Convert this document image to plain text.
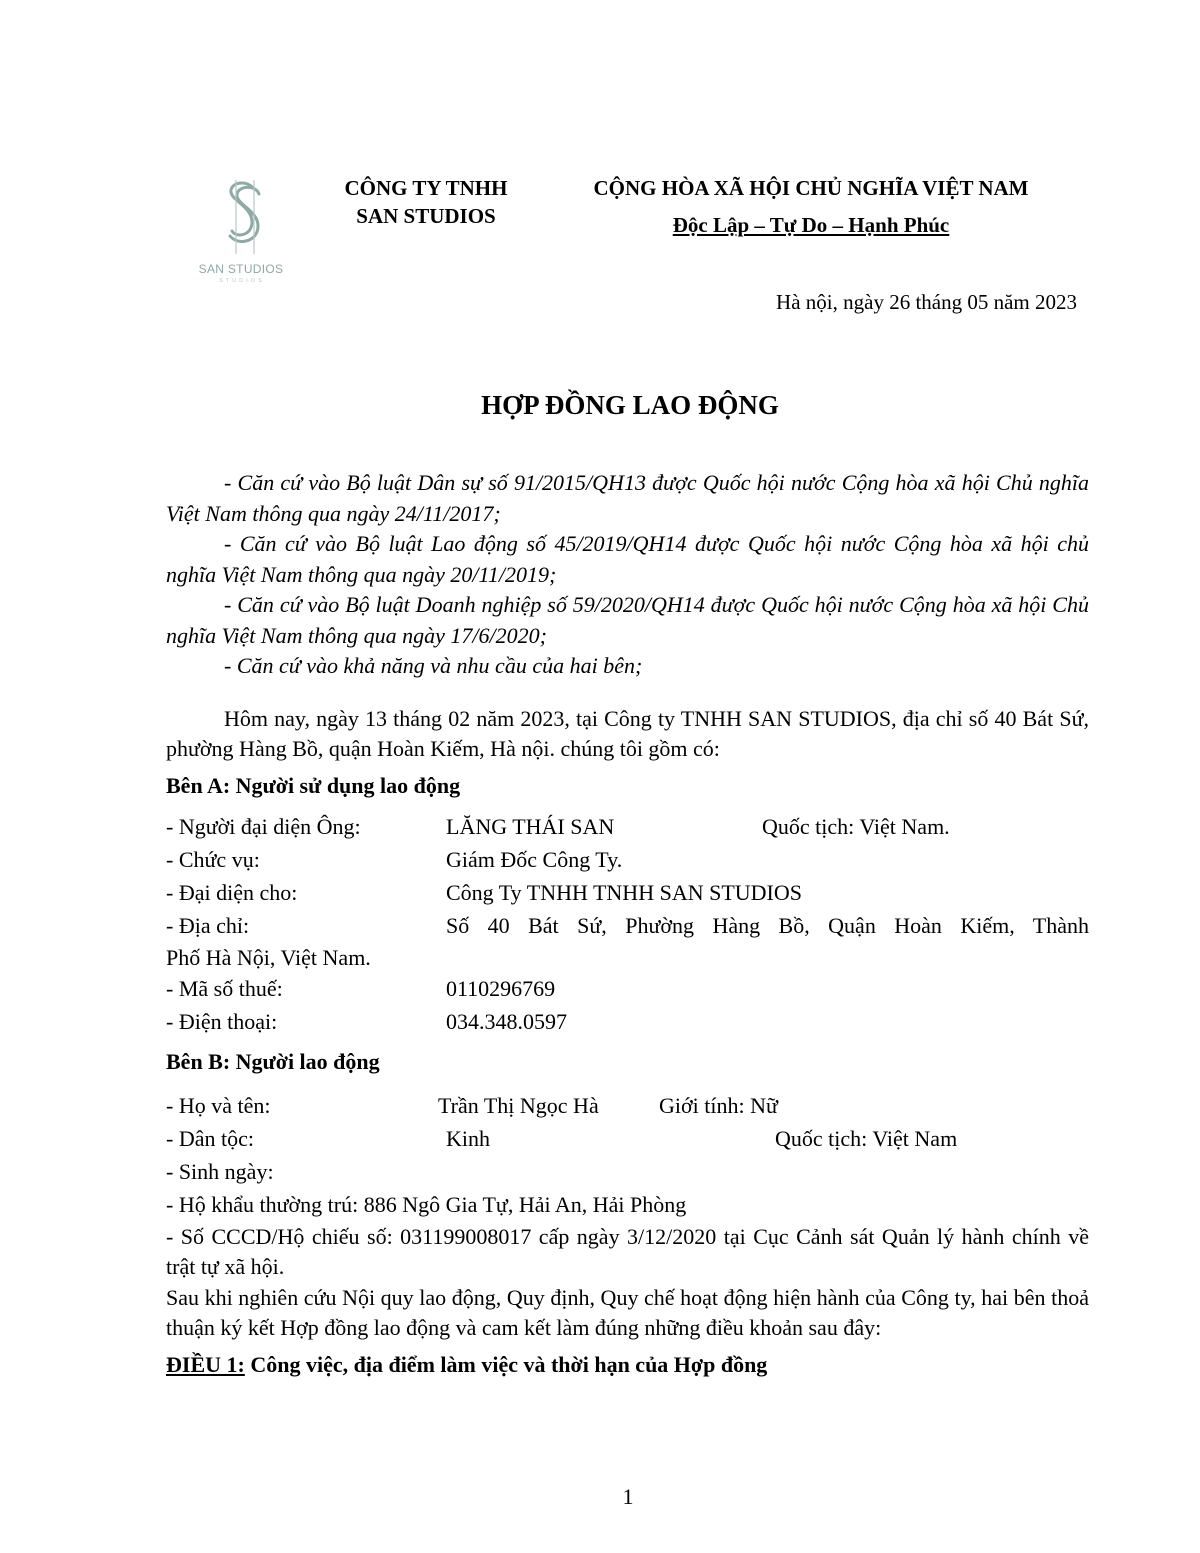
SAN STUDIOS
S T U D I O S
CÔNG TY TNHH
SAN STUDIOS
CỘNG HÒA XÃ HỘI CHỦ NGHĨA VIỆT NAM
Độc Lập – Tự Do – Hạnh Phúc
Hà nội, ngày 26 tháng 05 năm 2023
HỢP ĐỒNG LAO ĐỘNG

- Căn cứ vào Bộ luật Dân sự số 91/2015/QH13 được Quốc hội nước Cộng hòa xã hội Chủ nghĩa Việt Nam thông qua ngày 24/11/2017;

- Căn cứ vào Bộ luật Lao động số 45/2019/QH14 được Quốc hội nước Cộng hòa xã hội chủ nghĩa Việt Nam thông qua ngày 20/11/2019;

- Căn cứ vào Bộ luật Doanh nghiệp số 59/2020/QH14 được Quốc hội nước Cộng hòa xã hội Chủ nghĩa Việt Nam thông qua ngày 17/6/2020;

- Căn cứ vào khả năng và nhu cầu của hai bên;

Hôm nay, ngày 13 tháng 02 năm 2023, tại Công ty TNHH SAN STUDIOS, địa chỉ số 40 Bát Sứ, phường Hàng Bồ, quận Hoàn Kiếm, Hà nội. chúng tôi gồm có:

Bên A: Người sử dụng lao động

- Người đại diện Ông:	LĂNG THÁI SAN	Quốc tịch: Việt Nam.
- Chức vụ:	Giám Đốc Công Ty.
- Đại diện cho:	Công Ty TNHH TNHH SAN STUDIOS
- Địa chỉ:	Số 40 Bát Sứ, Phường Hàng Bồ, Quận Hoàn Kiếm, Thành

Phố Hà Nội, Việt Nam.

- Mã số thuế:	0110296769
- Điện thoại:	034.348.0597

Bên B: Người lao động

- Họ và tên:	Trần Thị Ngọc Hà	Giới tính: Nữ
- Dân tộc:	Kinh	Quốc tịch: Việt Nam
- Sinh ngày:
- Hộ khẩu thường trú: 886 Ngô Gia Tự, Hải An, Hải Phòng

- Số CCCD/Hộ chiếu số: 031199008017 cấp ngày 3/12/2020 tại Cục Cảnh sát Quản lý hành chính về trật tự xã hội.

Sau khi nghiên cứu Nội quy lao động, Quy định, Quy chế hoạt động hiện hành của Công ty, hai bên thoả thuận ký kết Hợp đồng lao động và cam kết làm đúng những điều khoản sau đây:

ĐIỀU 1: Công việc, địa điểm làm việc và thời hạn của Hợp đồng

1
